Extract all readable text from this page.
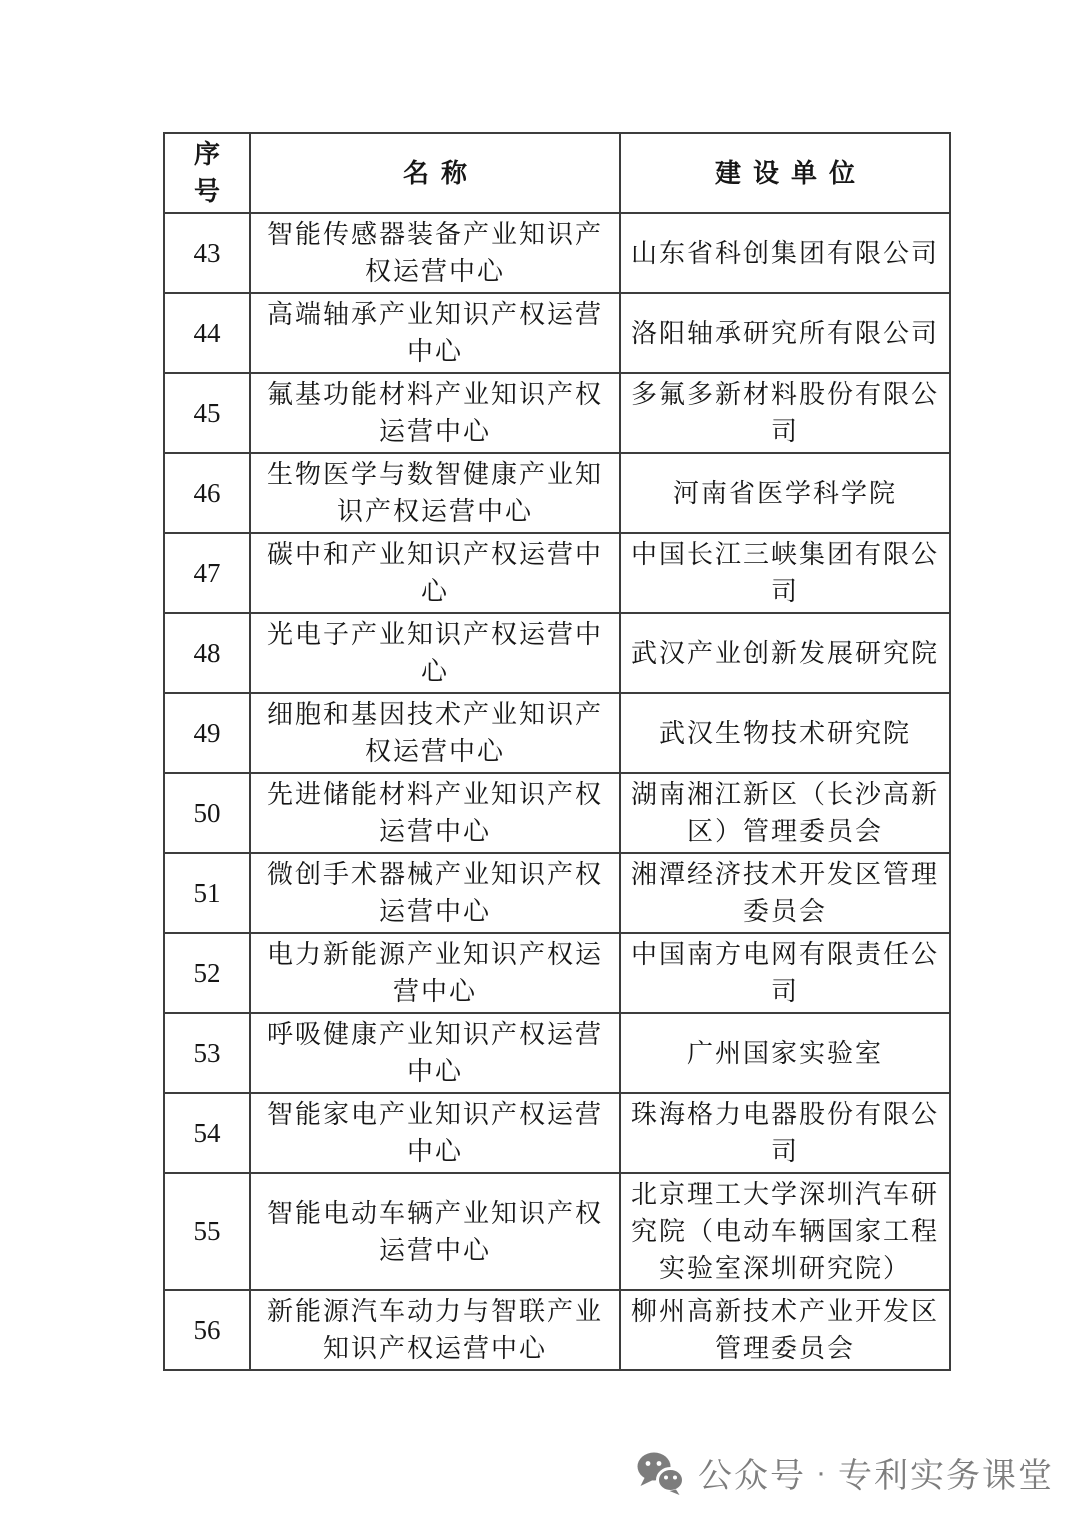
序号	名称	建设单位
43	智能传感器装备产业知识产权运营中心	山东省科创集团有限公司
44	高端轴承产业知识产权运营中心	洛阳轴承研究所有限公司
45	氟基功能材料产业知识产权运营中心	多氟多新材料股份有限公司
46	生物医学与数智健康产业知识产权运营中心	河南省医学科学院
47	碳中和产业知识产权运营中心	中国长江三峡集团有限公司
48	光电子产业知识产权运营中心	武汉产业创新发展研究院
49	细胞和基因技术产业知识产权运营中心	武汉生物技术研究院
50	先进储能材料产业知识产权运营中心	湖南湘江新区（长沙高新区）管理委员会
51	微创手术器械产业知识产权运营中心	湘潭经济技术开发区管理委员会
52	电力新能源产业知识产权运营中心	中国南方电网有限责任公司
53	呼吸健康产业知识产权运营中心	广州国家实验室
54	智能家电产业知识产权运营中心	珠海格力电器股份有限公司
55	智能电动车辆产业知识产权运营中心	北京理工大学深圳汽车研究院（电动车辆国家工程实验室深圳研究院）
56	新能源汽车动力与智联产业知识产权运营中心	柳州高新技术产业开发区管理委员会
公众号 · 专利实务课堂
